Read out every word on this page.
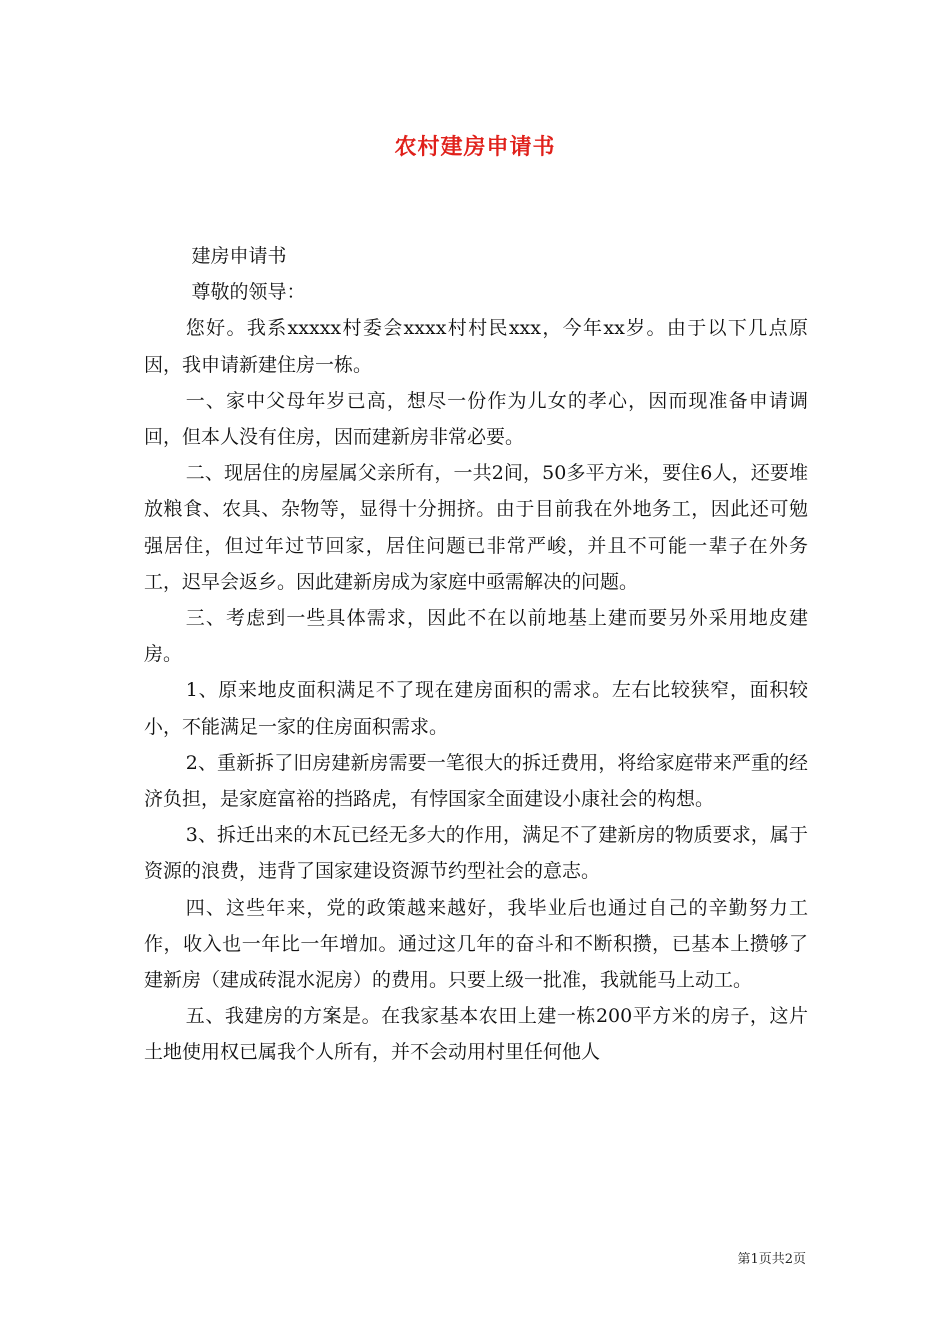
农村建房申请书

建房申请书

尊敬的领导：

您好。我系xxxxx村委会xxxx村村民xxx，今年xx岁。由于以下几点原因，我申请新建住房一栋。

一、家中父母年岁已高，想尽一份作为儿女的孝心，因而现准备申请调回，但本人没有住房，因而建新房非常必要。

二、现居住的房屋属父亲所有，一共2间，50多平方米，要住6人，还要堆放粮食、农具、杂物等，显得十分拥挤。由于目前我在外地务工，因此还可勉强居住，但过年过节回家，居住问题已非常严峻，并且不可能一辈子在外务工，迟早会返乡。因此建新房成为家庭中亟需解决的问题。

三、考虑到一些具体需求，因此不在以前地基上建而要另外采用地皮建房。

1、原来地皮面积满足不了现在建房面积的需求。左右比较狭窄，面积较小，不能满足一家的住房面积需求。

2、重新拆了旧房建新房需要一笔很大的拆迁费用，将给家庭带来严重的经济负担，是家庭富裕的挡路虎，有悖国家全面建设小康社会的构想。

3、拆迁出来的木瓦已经无多大的作用，满足不了建新房的物质要求，属于资源的浪费，违背了国家建设资源节约型社会的意志。

四、这些年来，党的政策越来越好，我毕业后也通过自己的辛勤努力工作，收入也一年比一年增加。通过这几年的奋斗和不断积攒，已基本上攒够了建新房（建成砖混水泥房）的费用。只要上级一批准，我就能马上动工。

五、我建房的方案是。在我家基本农田上建一栋200平方米的房子，这片土地使用权已属我个人所有，并不会动用村里任何他人

第1页共2页
